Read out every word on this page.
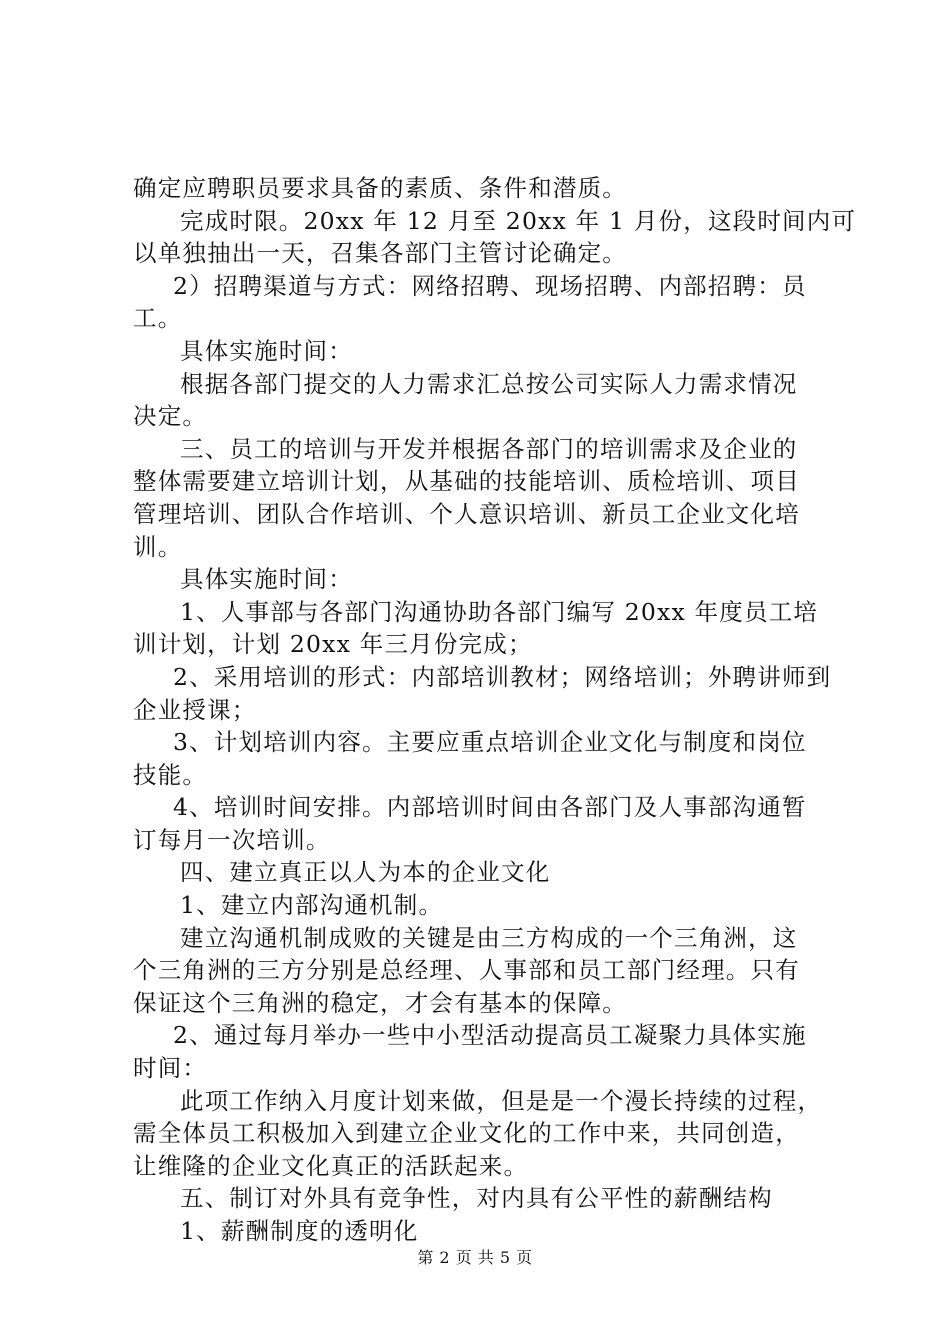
确定应聘职员要求具备的素质、条件和潜质。
完成时限。20xx 年 12 月至 20xx 年 1 月份，这段时间内可
以单独抽出一天，召集各部门主管讨论确定。
2）招聘渠道与方式：网络招聘、现场招聘、内部招聘：员
工。
具体实施时间：
根据各部门提交的人力需求汇总按公司实际人力需求情况
决定。
三、员工的培训与开发并根据各部门的培训需求及企业的
整体需要建立培训计划，从基础的技能培训、质检培训、项目
管理培训、团队合作培训、个人意识培训、新员工企业文化培
训。
具体实施时间：
1、人事部与各部门沟通协助各部门编写 20xx 年度员工培
训计划，计划 20xx 年三月份完成；
2、采用培训的形式：内部培训教材；网络培训；外聘讲师到
企业授课；
3、计划培训内容。主要应重点培训企业文化与制度和岗位
技能。
4、培训时间安排。内部培训时间由各部门及人事部沟通暂
订每月一次培训。
四、建立真正以人为本的企业文化
1、建立内部沟通机制。
建立沟通机制成败的关键是由三方构成的一个三角洲，这
个三角洲的三方分别是总经理、人事部和员工部门经理。只有
保证这个三角洲的稳定，才会有基本的保障。
2、通过每月举办一些中小型活动提高员工凝聚力具体实施
时间：
此项工作纳入月度计划来做，但是是一个漫长持续的过程，
需全体员工积极加入到建立企业文化的工作中来，共同创造，
让维隆的企业文化真正的活跃起来。
五、制订对外具有竞争性，对内具有公平性的薪酬结构
1、薪酬制度的透明化
第 2 页 共 5 页
